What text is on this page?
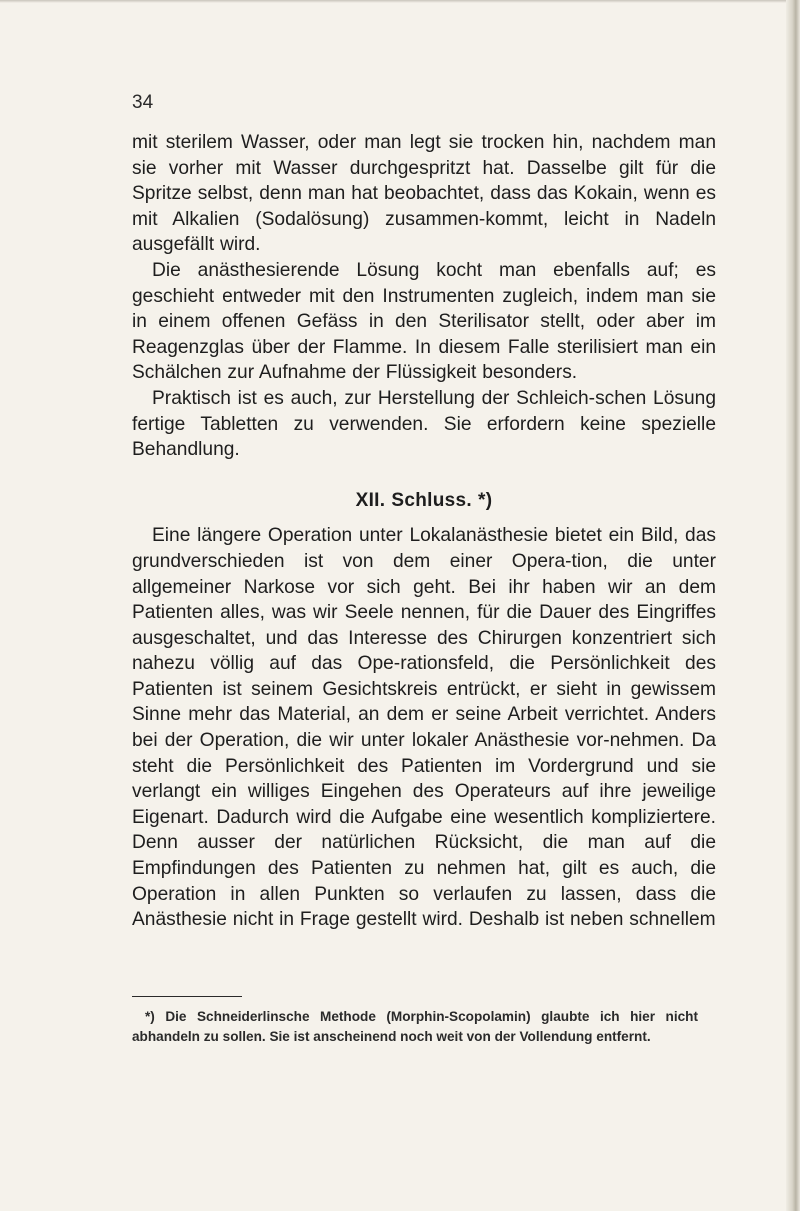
34

mit sterilem Wasser, oder man legt sie trocken hin, nachdem man sie vorher mit Wasser durchgespritzt hat. Dasselbe gilt für die Spritze selbst, denn man hat beobachtet, dass das Kokain, wenn es mit Alkalien (Sodalösung) zusammen-kommt, leicht in Nadeln ausgefällt wird.

Die anästhesierende Lösung kocht man ebenfalls auf; es geschieht entweder mit den Instrumenten zugleich, indem man sie in einem offenen Gefäss in den Sterilisator stellt, oder aber im Reagenzglas über der Flamme. In diesem Falle sterilisiert man ein Schälchen zur Aufnahme der Flüssigkeit besonders.

Praktisch ist es auch, zur Herstellung der Schleich-schen Lösung fertige Tabletten zu verwenden. Sie erfordern keine spezielle Behandlung.

XII. Schluss. *)

Eine längere Operation unter Lokalanästhesie bietet ein Bild, das grundverschieden ist von dem einer Opera-tion, die unter allgemeiner Narkose vor sich geht. Bei ihr haben wir an dem Patienten alles, was wir Seele nennen, für die Dauer des Eingriffes ausgeschaltet, und das Interesse des Chirurgen konzentriert sich nahezu völlig auf das Ope-rationsfeld, die Persönlichkeit des Patienten ist seinem Gesichtskreis entrückt, er sieht in gewissem Sinne mehr das Material, an dem er seine Arbeit verrichtet. Anders bei der Operation, die wir unter lokaler Anästhesie vor-nehmen. Da steht die Persönlichkeit des Patienten im Vordergrund und sie verlangt ein williges Eingehen des Operateurs auf ihre jeweilige Eigenart. Dadurch wird die Aufgabe eine wesentlich kompliziertere. Denn ausser der natürlichen Rücksicht, die man auf die Empfindungen des Patienten zu nehmen hat, gilt es auch, die Operation in allen Punkten so verlaufen zu lassen, dass die Anästhesie nicht in Frage gestellt wird. Deshalb ist neben schnellem

*) Die Schneiderlinsche Methode (Morphin-Scopolamin) glaubte ich hier nicht abhandeln zu sollen. Sie ist anscheinend noch weit von der Vollendung entfernt.
